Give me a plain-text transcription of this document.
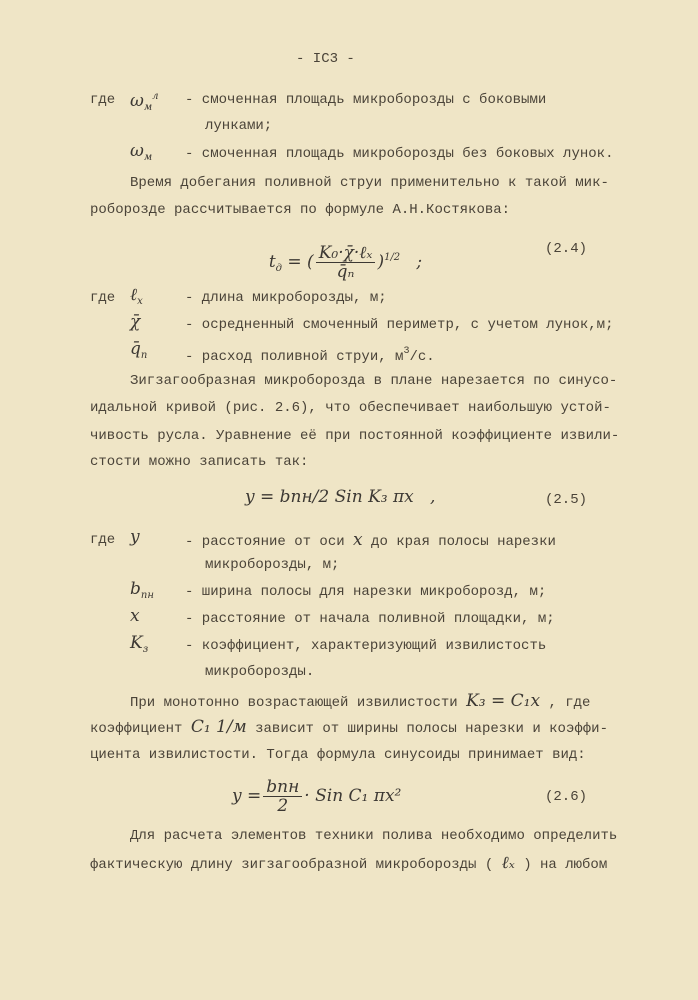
- IC3 -
где $\omega_м^л$ - смоченная площадь микроборозды с боковыми
лунками;
$\omega_м$ - смоченная площадь микроборозды без боковых лунок.
Время добегания поливной струи применительно к такой мик-
роборозде рассчитывается по формуле А.Н.Костякова:

$t_д$ = ( $\frac{\text{K₀·χ̄·ℓₓ}}{\text{q̄ₙ}} )^{1/2}$ ;

(2.4)
где ℓ$_x$	- длина микроборозды, м;
χ̄	- осредненный смоченный периметр, с учетом лунок,м;
$q̄_n$	- расход поливной струи, $м^3/с$.
Зигзагообразная микроборозда в плане нарезается по синусо-
идальной кривой (рис. 2.6), что обеспечивает наибольшую устой-
чивость русла. Уравнение её при постоянной коэффициенте извили-
стости можно записать так:
y = bпн/2 Sin K₃ πx ,	(2.5)
где y	- расстояние от оси x до края полосы нарезки
микроборозды, м;
$b_{пн}$ - ширина полосы для нарезки микроборозд, м;
x	- расстояние от начала поливной площадки, м;
$K_з$	- коэффициент, характеризующий извилистость
микроборозды.
При монотонно возрастающей извилистости K₃ = C₁x , где
коэффициент C₁ 1/м зависит от ширины полосы нарезки и коэффи-
циента извилистости. Тогда формула синусоиды принимает вид:
$y = \frac{\text{bпн}}{2}$ · Sin C₁ πx²	(2.6)
Для расчета элементов техники полива необходимо определить
фактическую длину зигзагообразной микроборозды ( ℓₓ ) на любом
